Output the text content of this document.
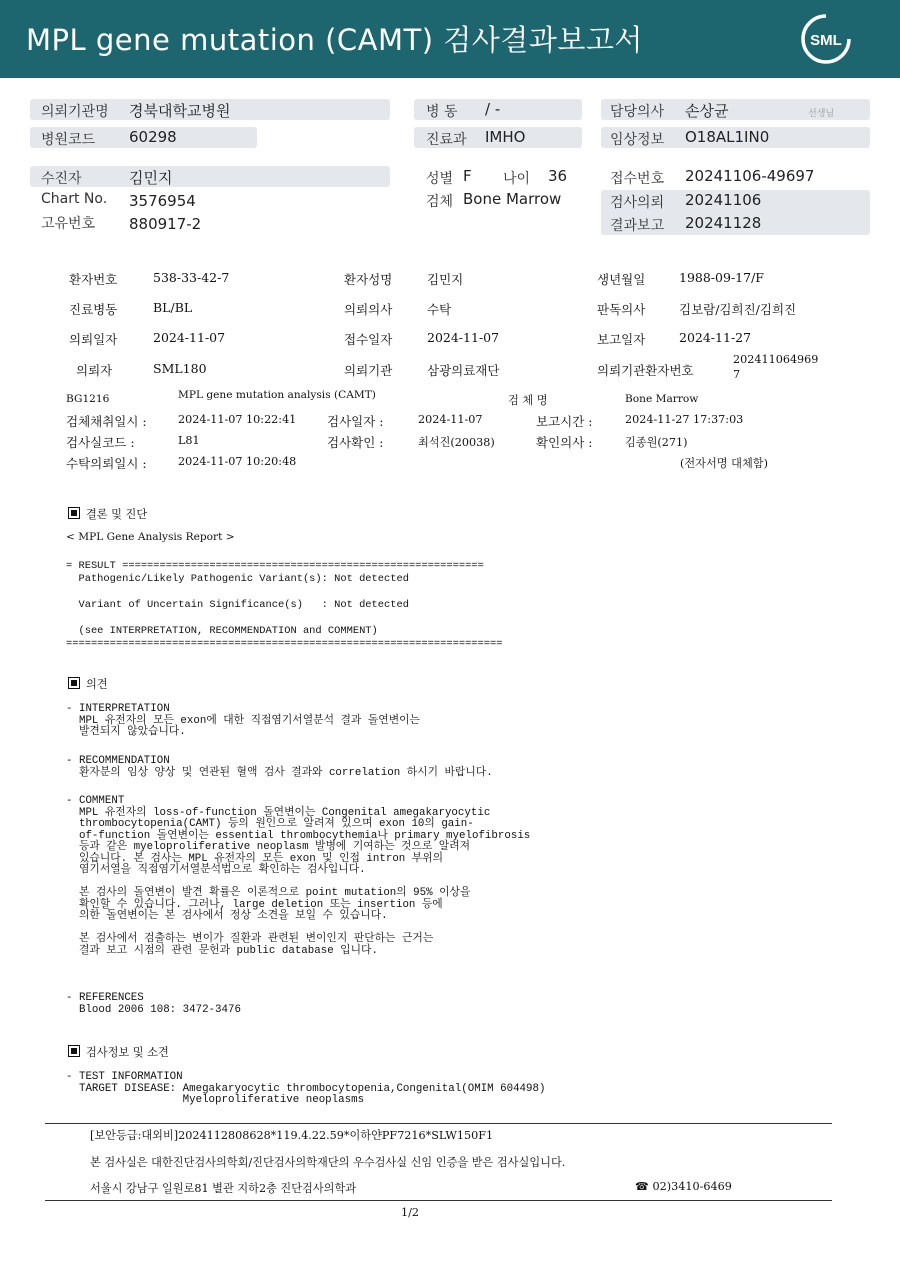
MPL gene mutation (CAMT) 검사결과보고서	SML
의뢰기관명 경북대학교병원
병원코드 60298
병 동 / -
진료과 IMHO
담당의사 손상균	선생님
임상정보 O18AL1IN0
수진자	김민지
Chart No. 3576954
고유번호 880917-2
성별 F 나이 36
검체 Bone Marrow
접수번호 20241106-49697
검사의뢰 20241106
결과보고 20241128
환자번호	538-33-42-7	환자성명	김민지	생년월일	1988-09-17/F
진료병동	BL/BL	의뢰의사	수탁	판독의사	김보람/김희진/김희진
의뢰일자	2024-11-07	접수일자	2024-11-07	보고일자	2024-11-27
의뢰자	SML180	의뢰기관	삼광의료재단	의뢰기관환자번호
202411064969
7
BG1216	MPL gene mutation analysis (CAMT)	검 체 명	Bone Marrow
검체채취일시 :	2024-11-07 10:22:41 검사일자 :	2024-11-07	보고시간 :	2024-11-27 17:37:03
검사실코드 :	L81	검사확인 :	최석진(20038)	확인의사 :	김종원(271)
수탁의뢰일시 :	2024-11-07 10:20:48	(전자서명 대체함)
결론 및 진단
< MPL Gene Analysis Report >
= RESULT ==========================================================
Pathogenic/Likely Pathogenic Variant(s): Not detected

Variant of Uncertain Significance(s)   : Not detected

(see INTERPRETATION, RECOMMENDATION and COMMENT)
======================================================================
의견
- INTERPRETATION
MPL 유전자의 모든 exon에 대한 직접염기서열분석 결과 돌연변이는
발견되지 않았습니다.
- RECOMMENDATION
환자분의 임상 양상 및 연관된 혈액 검사 결과와 correlation 하시기 바랍니다.
- COMMENT
MPL 유전자의 loss-of-function 돌연변이는 Congenital amegakaryocytic
thrombocytopenia(CAMT) 등의 원인으로 알려져 있으며 exon 10의 gain-
of-function 돌연변이는 essential thrombocythemia나 primary myelofibrosis
등과 같은 myeloproliferative neoplasm 발병에 기여하는 것으로 알려져
있습니다. 본 검사는 MPL 유전자의 모든 exon 및 인접 intron 부위의
염기서열을 직접염기서열분석법으로 확인하는 검사입니다.

본 검사의 돌연변이 발견 확률은 이론적으로 point mutation의 95% 이상을
확인할 수 있습니다. 그러나, large deletion 또는 insertion 등에
의한 돌연변이는 본 검사에서 정상 소견을 보일 수 있습니다.

본 검사에서 검출하는 변이가 질환과 관련된 변이인지 판단하는 근거는
결과 보고 시점의 관련 문헌과 public database 입니다.
- REFERENCES
Blood 2006 108: 3472-3476
검사정보 및 소견
- TEST INFORMATION
TARGET DISEASE: Amegakaryocytic thrombocytopenia,Congenital(OMIM 604498)
Myeloproliferative neoplasms
[보안등급:대외비]2024112808628*119.4.22.59*이하얀PF7216*SLW150F1
본 검사실은 대한진단검사의학회/진단검사의학재단의 우수검사실 신임 인증을 받은 검사실입니다.
서울시 강남구 일원로81 별관 지하2층 진단검사의학과	☎ 02)3410-6469
1/2
